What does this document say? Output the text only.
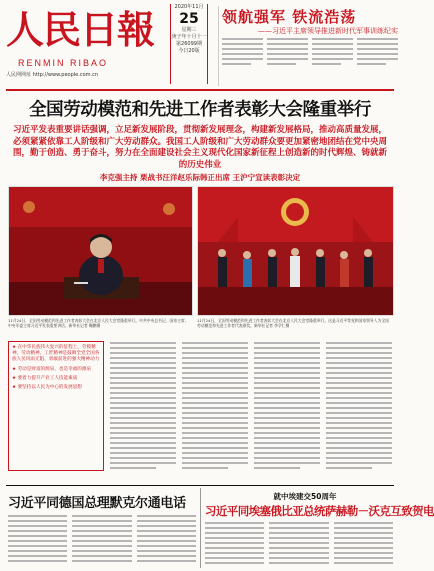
人民日報
RENMIN RIBAO
人民网网址 http://www.people.com.cn
2020年11月
25
星期三
庚子年十月十一
第26099期
今日20版
领航强军 铁流浩荡
——习近平主席领导推进新时代军事训练纪实
全国劳动模范和先进工作者表彰大会隆重举行
习近平发表重要讲话强调，立足新发展阶段，贯彻新发展理念，构建新发展格局，推动高质量发展，必须紧紧依靠工人阶级和广大劳动群众。我国工人阶级和广大劳动群众要更加紧密地团结在党中央周围，勤于创造、勇于奋斗，努力在全面建设社会主义现代化国家新征程上创造新的时代辉煌、铸就新的历史伟业
李克强主持 栗战书汪洋赵乐际韩正出席 王沪宁宣读表彰决定
11月24日，全国劳动模范和先进工作者表彰大会在北京人民大会堂隆重举行。中共中央总书记、国家主席、中央军委主席习近平发表重要讲话。新华社记者 鞠鹏摄
11月24日，全国劳动模范和先进工作者表彰大会在北京人民大会堂隆重举行。这是习近平等党和国家领导人为全国劳动模范和先进工作者代表颁奖。新华社记者 李学仁摄
★ 在中华民族伟大复兴的征程上，劳模精神、劳动精神、工匠精神是鼓舞全党全国各族人民风雨无阻、勇敢前进的强大精神动力
★ 劳动是财富的源泉，也是幸福的源泉
★ 要着力提升产业工人技能素质
★ 要坚持以人民为中心的发展思想
习近平同德国总理默克尔通电话	就中埃建交50周年
习近平同埃塞俄比亚总统萨赫勒－沃克互致贺电
